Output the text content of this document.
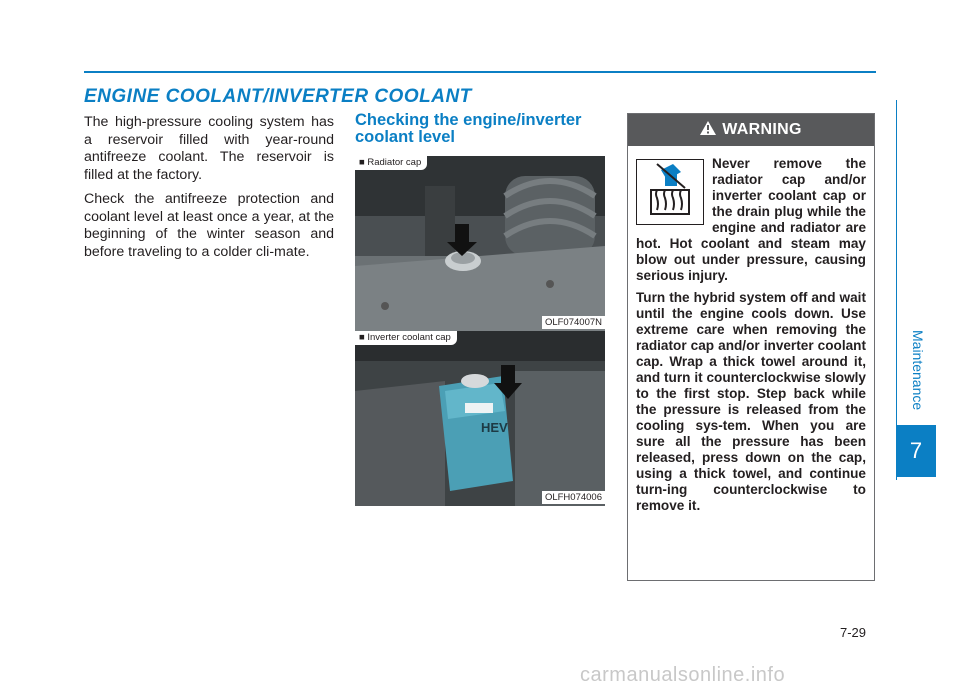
ENGINE COOLANT/INVERTER COOLANT

The high-pressure cooling system has a reservoir filled with year-round antifreeze coolant. The reservoir is filled at the factory.

Check the antifreeze protection and coolant level at least once a year, at the beginning of the winter season and before traveling to a colder cli-mate.

Checking the engine/inverter coolant level
■ Radiator cap
OLF074007N
HEV
■ Inverter coolant cap
OLFH074006
WARNING

Never remove the radiator cap and/or inverter coolant cap or the drain plug while the engine and radiator are hot. Hot coolant and steam may blow out under pressure, causing serious injury.

Turn the hybrid system off and wait until the engine cools down. Use extreme care when removing the radiator cap and/or inverter coolant cap. Wrap a thick towel around it, and turn it counterclockwise slowly to the first stop. Step back while the pressure is released from the cooling sys-tem. When you are sure all the pressure has been released, press down on the cap, using a thick towel, and continue turn-ing counterclockwise to remove it.

Maintenance
7
7-29
carmanualsonline.info
